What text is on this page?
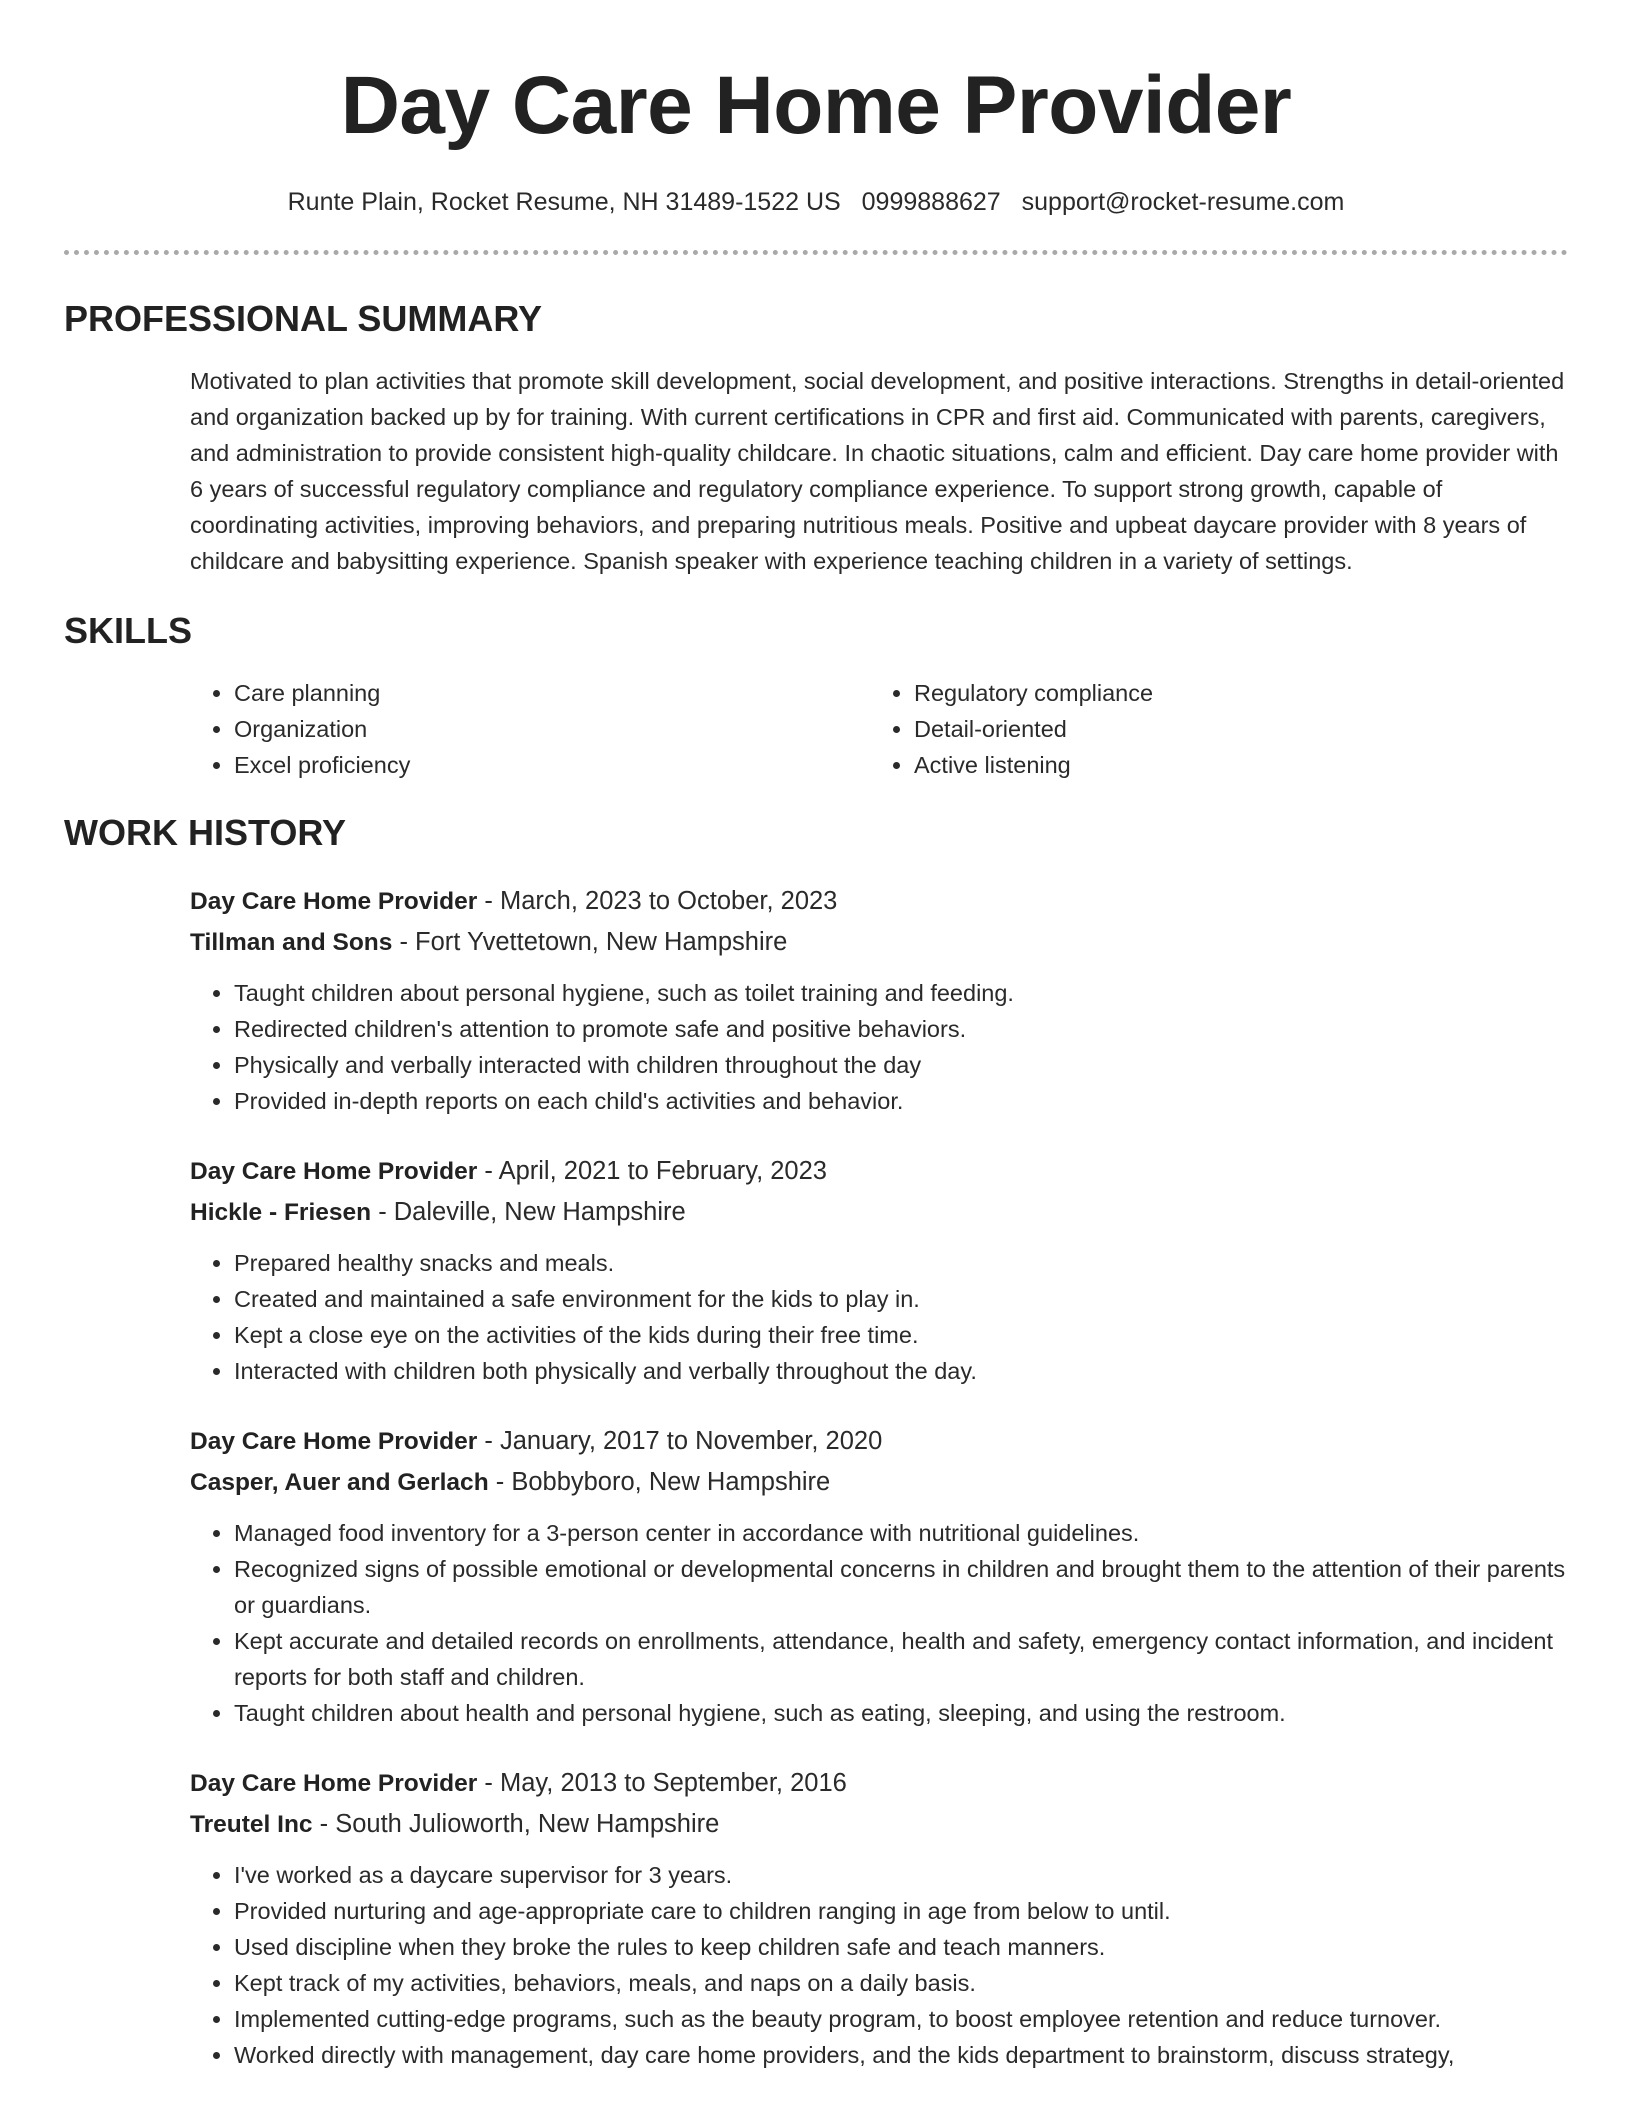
Day Care Home Provider
Runte Plain, Rocket Resume, NH 31489-1522 US 0999888627 support@rocket-resume.com
PROFESSIONAL SUMMARY

Motivated to plan activities that promote skill development, social development, and positive interactions. Strengths in detail-oriented and organization backed up by for training. With current certifications in CPR and first aid. Communicated with parents, caregivers, and administration to provide consistent high-quality childcare. In chaotic situations, calm and efficient. Day care home provider with 6 years of successful regulatory compliance and regulatory compliance experience. To support strong growth, capable of coordinating activities, improving behaviors, and preparing nutritious meals. Positive and upbeat daycare provider with 8 years of childcare and babysitting experience. Spanish speaker with experience teaching children in a variety of settings.

SKILLS
• Care planning
• Organization
• Excel proficiency
• Regulatory compliance
• Detail-oriented
• Active listening
WORK HISTORY
Day Care Home Provider - March, 2023 to October, 2023
Tillman and Sons - Fort Yvettetown, New Hampshire
• Taught children about personal hygiene, such as toilet training and feeding.
• Redirected children's attention to promote safe and positive behaviors.
• Physically and verbally interacted with children throughout the day
• Provided in-depth reports on each child's activities and behavior.
Day Care Home Provider - April, 2021 to February, 2023
Hickle - Friesen - Daleville, New Hampshire
• Prepared healthy snacks and meals.
• Created and maintained a safe environment for the kids to play in.
• Kept a close eye on the activities of the kids during their free time.
• Interacted with children both physically and verbally throughout the day.
Day Care Home Provider - January, 2017 to November, 2020
Casper, Auer and Gerlach - Bobbyboro, New Hampshire
• Managed food inventory for a 3-person center in accordance with nutritional guidelines.
• Recognized signs of possible emotional or developmental concerns in children and brought them to the attention of their parents or guardians.
• Kept accurate and detailed records on enrollments, attendance, health and safety, emergency contact information, and incident reports for both staff and children.
• Taught children about health and personal hygiene, such as eating, sleeping, and using the restroom.
Day Care Home Provider - May, 2013 to September, 2016
Treutel Inc - South Julioworth, New Hampshire
• I've worked as a daycare supervisor for 3 years.
• Provided nurturing and age-appropriate care to children ranging in age from below to until.
• Used discipline when they broke the rules to keep children safe and teach manners.
• Kept track of my activities, behaviors, meals, and naps on a daily basis.
• Implemented cutting-edge programs, such as the beauty program, to boost employee retention and reduce turnover.
• Worked directly with management, day care home providers, and the kids department to brainstorm, discuss strategy,
